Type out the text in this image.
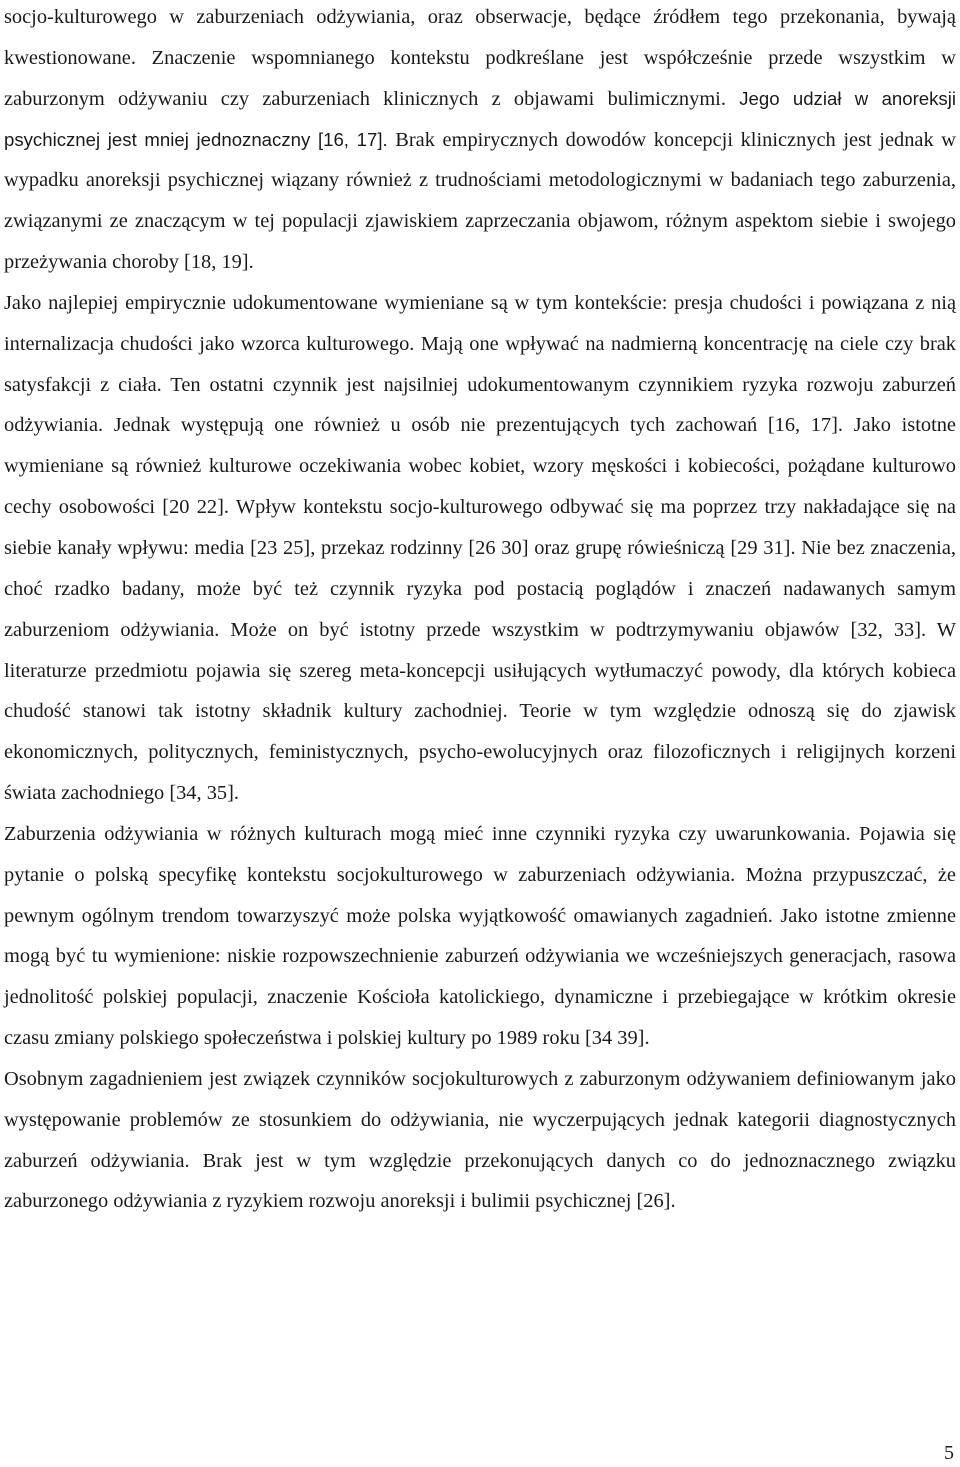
socjo-kulturowego w zaburzeniach odżywiania, oraz obserwacje, będące źródłem tego przekonania, bywają kwestionowane. Znaczenie wspomnianego kontekstu podkreślane jest współcześnie przede wszystkim w zaburzonym odżywaniu czy zaburzeniach klinicznych z objawami bulimicznymi. Jego udział w anoreksji psychicznej jest mniej jednoznaczny [16, 17]. Brak empirycznych dowodów koncepcji klinicznych jest jednak w wypadku anoreksji psychicznej wiązany również z trudnościami metodologicznymi w badaniach tego zaburzenia, związanymi ze znaczącym w tej populacji zjawiskiem zaprzeczania objawom, różnym aspektom siebie i swojego przeżywania choroby [18, 19].

Jako najlepiej empirycznie udokumentowane wymieniane są w tym kontekście: presja chudości i powiązana z nią internalizacja chudości jako wzorca kulturowego. Mają one wpływać na nadmierną koncentrację na ciele czy brak satysfakcji z ciała. Ten ostatni czynnik jest najsilniej udokumentowanym czynnikiem ryzyka rozwoju zaburzeń odżywiania. Jednak występują one również u osób nie prezentujących tych zachowań [16, 17]. Jako istotne wymieniane są również kulturowe oczekiwania wobec kobiet, wzory męskości i kobiecości, pożądane kulturowo cechy osobowości [20 22]. Wpływ kontekstu socjo-kulturowego odbywać się ma poprzez trzy nakładające się na siebie kanały wpływu: media [23 25], przekaz rodzinny [26 30] oraz grupę rówieśniczą [29 31]. Nie bez znaczenia, choć rzadko badany, może być też czynnik ryzyka pod postacią poglądów i znaczeń nadawanych samym zaburzeniom odżywiania. Może on być istotny przede wszystkim w podtrzymywaniu objawów [32, 33]. W literaturze przedmiotu pojawia się szereg meta-koncepcji usiłujących wytłumaczyć powody, dla których kobieca chudość stanowi tak istotny składnik kultury zachodniej. Teorie w tym względzie odnoszą się do zjawisk ekonomicznych, politycznych, feministycznych, psycho-ewolucyjnych oraz filozoficznych i religijnych korzeni świata zachodniego [34, 35].

Zaburzenia odżywiania w różnych kulturach mogą mieć inne czynniki ryzyka czy uwarunkowania. Pojawia się pytanie o polską specyfikę kontekstu socjokulturowego w zaburzeniach odżywiania. Można przypuszczać, że pewnym ogólnym trendom towarzyszyć może polska wyjątkowość omawianych zagadnień. Jako istotne zmienne mogą być tu wymienione: niskie rozpowszechnienie zaburzeń odżywiania we wcześniejszych generacjach, rasowa jednolitość polskiej populacji, znaczenie Kościoła katolickiego, dynamiczne i przebiegające w krótkim okresie czasu zmiany polskiego społeczeństwa i polskiej kultury po 1989 roku [34 39].

Osobnym zagadnieniem jest związek czynników socjokulturowych z zaburzonym odżywaniem definiowanym jako występowanie problemów ze stosunkiem do odżywiania, nie wyczerpujących jednak kategorii diagnostycznych zaburzeń odżywiania. Brak jest w tym względzie przekonujących danych co do jednoznacznego związku zaburzonego odżywiania z ryzykiem rozwoju anoreksji i bulimii psychicznej [26].

5
